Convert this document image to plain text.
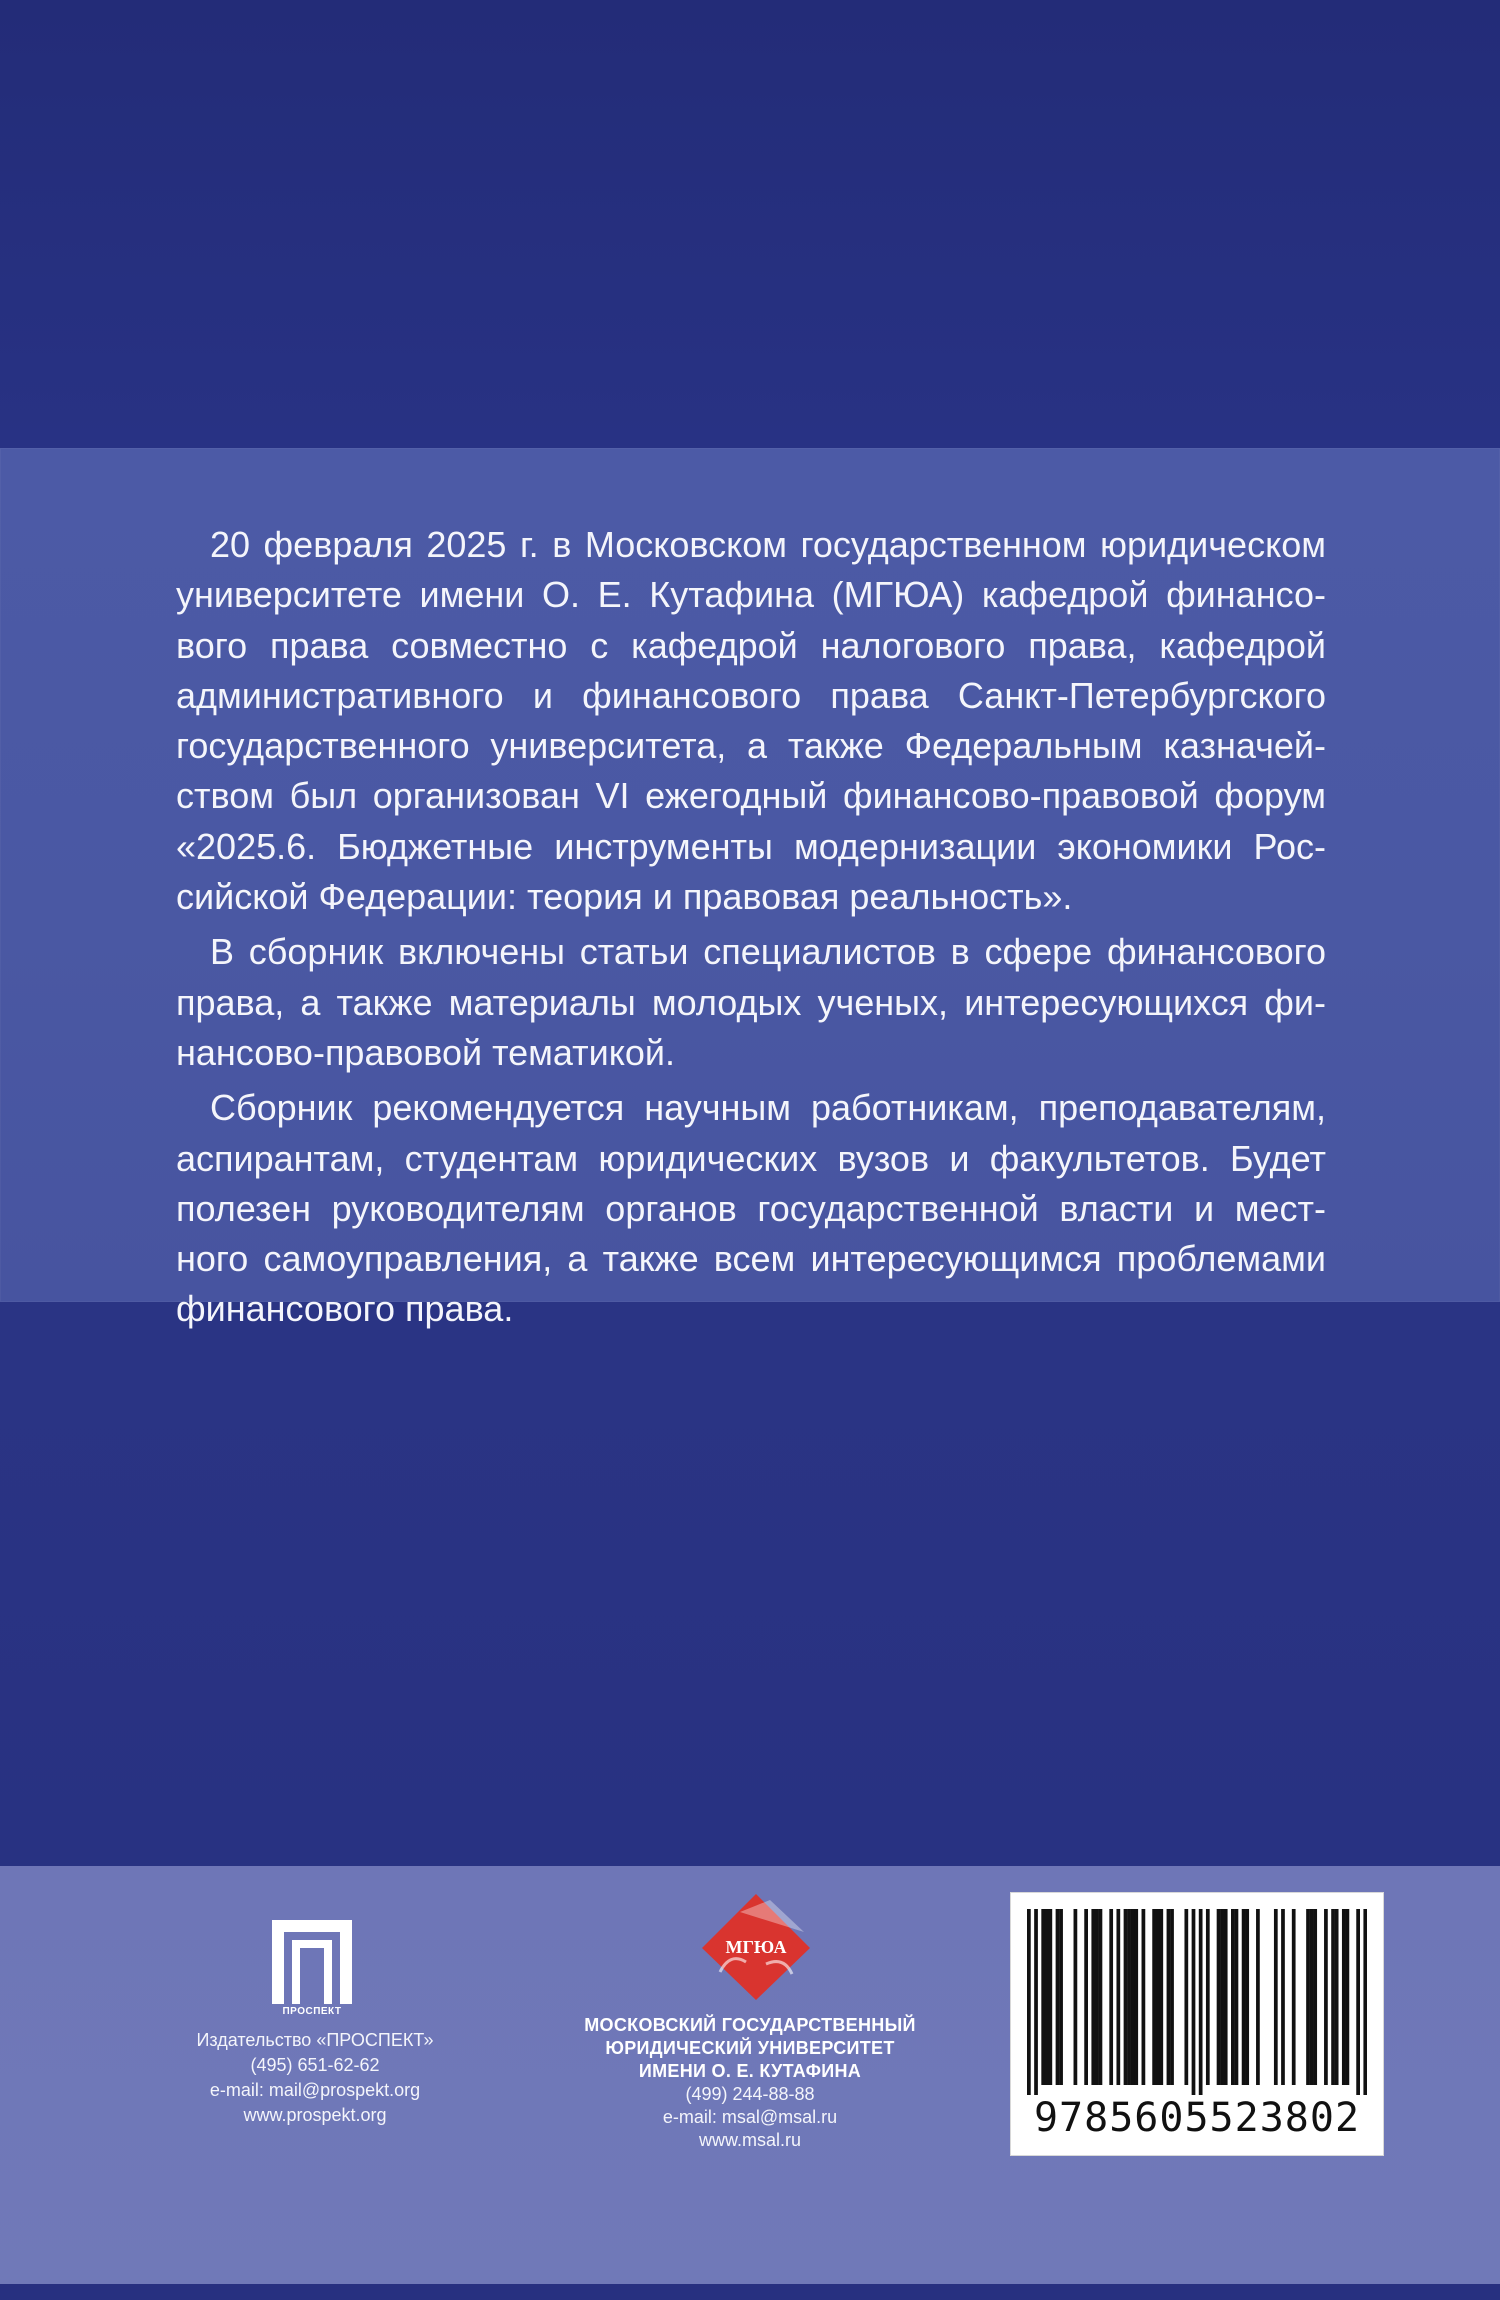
20 февраля 2025 г. в Московском государственном юридическом
университете имени О. Е. Кутафина (МГЮА) кафедрой финансо-
вого права совместно с кафедрой налогового права, кафедрой
административного и финансового права Санкт-Петербургского
государственного университета, а также Федеральным казначей-
ством был организован VI ежегодный финансово-правовой форум
«2025.6. Бюджетные инструменты модернизации экономики Рос-
сийской Федерации: теория и правовая реальность».

В сборник включены статьи специалистов в сфере финансового
права, а также материалы молодых ученых, интересующихся фи-
нансово-правовой тематикой.

Сборник рекомендуется научным работникам, преподавателям,
аспирантам, студентам юридических вузов и факультетов. Будет
полезен руководителям органов государственной власти и мест-
ного самоуправления, а также всем интересующимся проблемами
финансового права.

ПРОСПЕКТ
Издательство «ПРОСПЕКТ»
(495) 651-62-62
e-mail: mail@prospekt.org
www.prospekt.org
МГЮА
МОСКОВСКИЙ ГОСУДАРСТВЕННЫЙ
ЮРИДИЧЕСКИЙ УНИВЕРСИТЕТ
ИМЕНИ О. Е. КУТАФИНА
(499) 244-88-88
e-mail: msal@msal.ru
www.msal.ru	9785605523802
